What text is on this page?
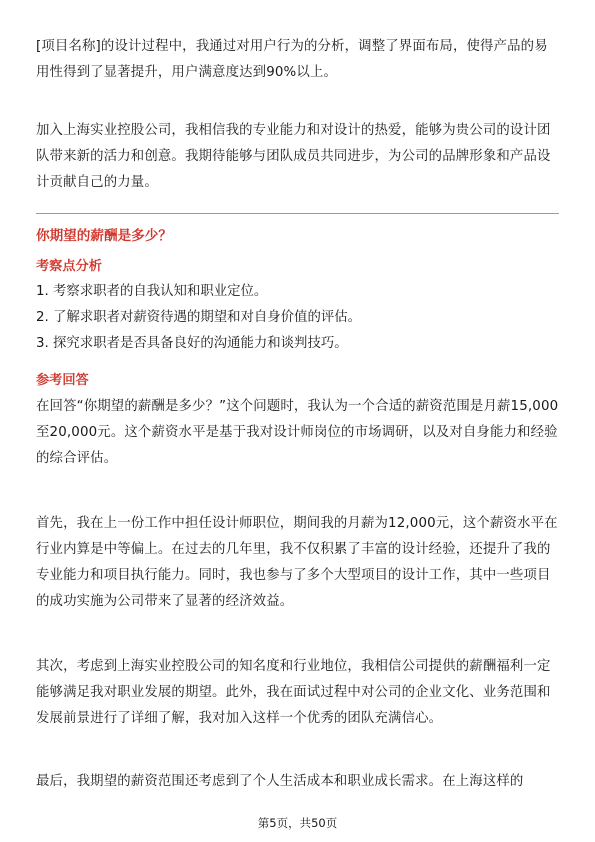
[项目名称]的设计过程中，我通过对用户行为的分析，调整了界面布局，使得产品的易用性得到了显著提升，用户满意度达到90%以上。

加入上海实业控股公司，我相信我的专业能力和对设计的热爱，能够为贵公司的设计团队带来新的活力和创意。我期待能够与团队成员共同进步，为公司的品牌形象和产品设计贡献自己的力量。

你期望的薪酬是多少？
考察点分析
1. 考察求职者的自我认知和职业定位。
2. 了解求职者对薪资待遇的期望和对自身价值的评估。
3. 探究求职者是否具备良好的沟通能力和谈判技巧。
参考回答

在回答“你期望的薪酬是多少？”这个问题时，我认为一个合适的薪资范围是月薪15,000至20,000元。这个薪资水平是基于我对设计师岗位的市场调研，以及对自身能力和经验的综合评估。

首先，我在上一份工作中担任设计师职位，期间我的月薪为12,000元，这个薪资水平在行业内算是中等偏上。在过去的几年里，我不仅积累了丰富的设计经验，还提升了我的专业能力和项目执行能力。同时，我也参与了多个大型项目的设计工作，其中一些项目的成功实施为公司带来了显著的经济效益。

其次，考虑到上海实业控股公司的知名度和行业地位，我相信公司提供的薪酬福利一定能够满足我对职业发展的期望。此外，我在面试过程中对公司的企业文化、业务范围和发展前景进行了详细了解，我对加入这样一个优秀的团队充满信心。

最后，我期望的薪资范围还考虑到了个人生活成本和职业成长需求。在上海这样的

第5页，共50页
